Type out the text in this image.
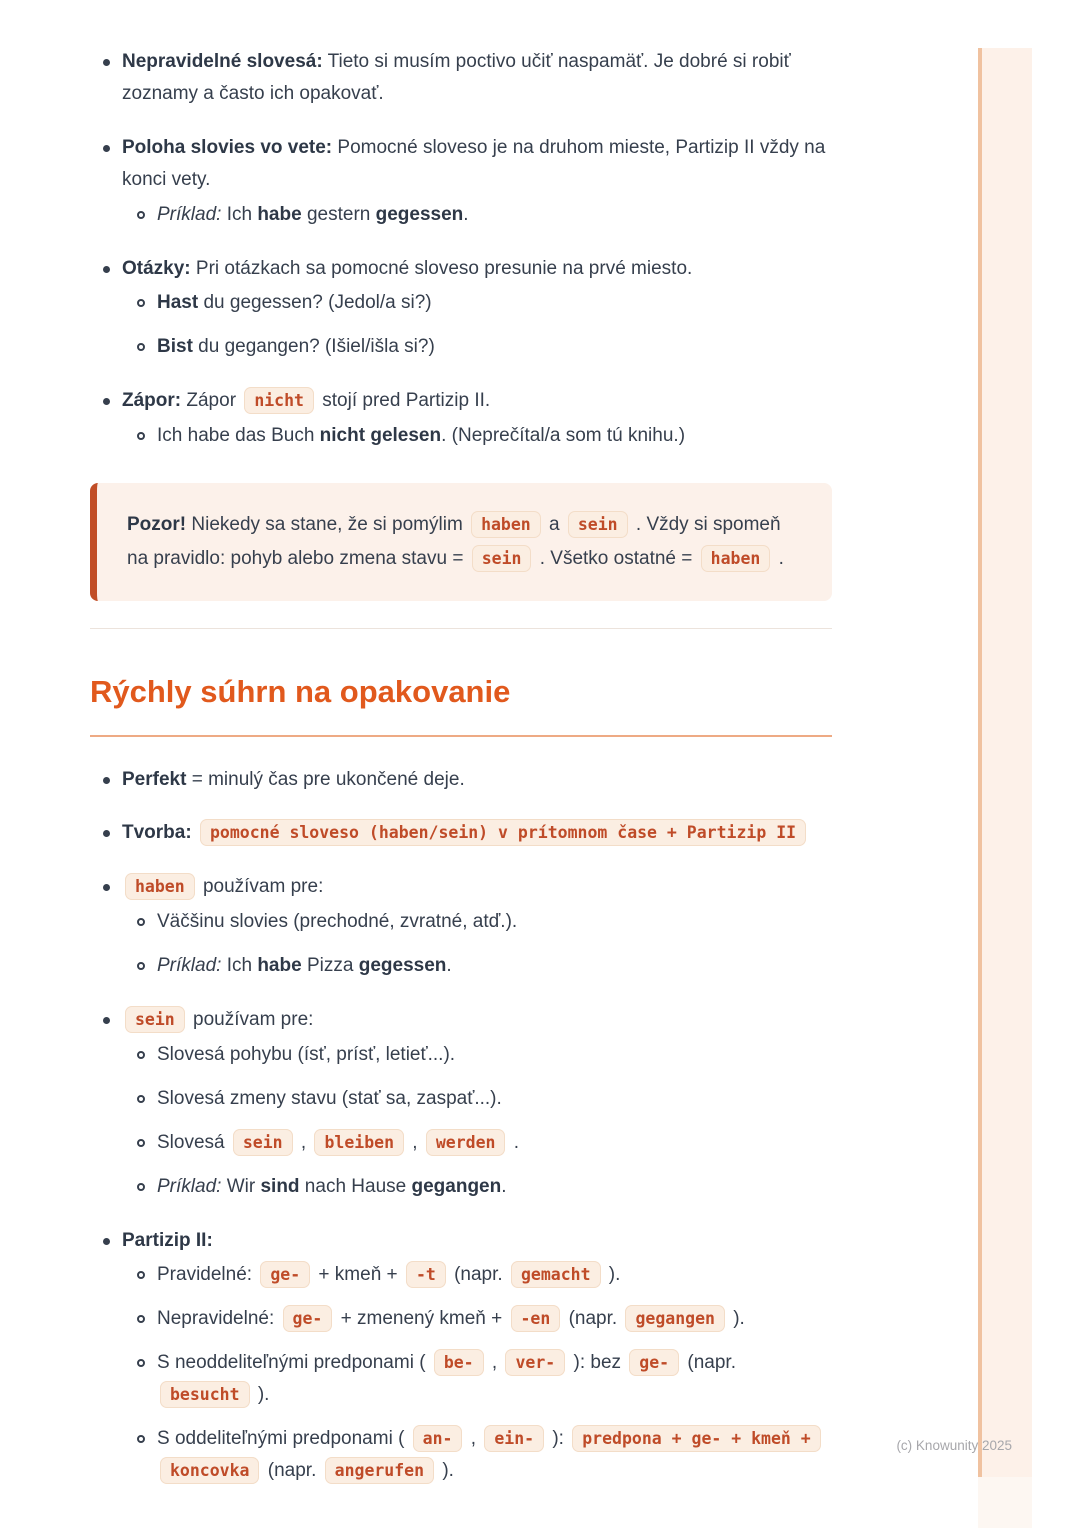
Nepravidelné slovesá: Tieto si musím poctivo učiť naspamäť. Je dobré si robiť zoznamy a často ich opakovať.
Poloha slovies vo vete: Pomocné sloveso je na druhom mieste, Partizip II vždy na konci vety.
Príklad: Ich habe gestern gegessen.
Otázky: Pri otázkach sa pomocné sloveso presunie na prvé miesto.
Hast du gegessen? (Jedol/a si?)
Bist du gegangen? (Išiel/išla si?)
Zápor: Zápor nicht stojí pred Partizip II.
Ich habe das Buch nicht gelesen. (Neprečítal/a som tú knihu.)
Pozor! Niekedy sa stane, že si pomýlim haben a sein . Vždy si spomeň na pravidlo: pohyb alebo zmena stavu = sein . Všetko ostatné = haben .
Rýchly súhrn na opakovanie
Perfekt = minulý čas pre ukončené deje.
Tvorba: pomocné sloveso (haben/sein) v prítomnom čase + Partizip II
haben používam pre:
Väčšinu slovies (prechodné, zvratné, atď.).
Príklad: Ich habe Pizza gegessen.
sein používam pre:
Slovesá pohybu (ísť, prísť, letieť...).
Slovesá zmeny stavu (stať sa, zaspať...).
Slovesá sein , bleiben , werden .
Príklad: Wir sind nach Hause gegangen.
Partizip II:
Pravidelné: ge- + kmeň + -t (napr. gemacht ).
Nepravidelné: ge- + zmenený kmeň + -en (napr. gegangen ).
S neoddeliteľnými predponami ( be- , ver- ): bez ge- (napr. besucht ).
S oddeliteľnými predponami ( an- , ein- ): predpona + ge- + kmeň + koncovka (napr. angerufen ).
(c) Knowunity 2025
